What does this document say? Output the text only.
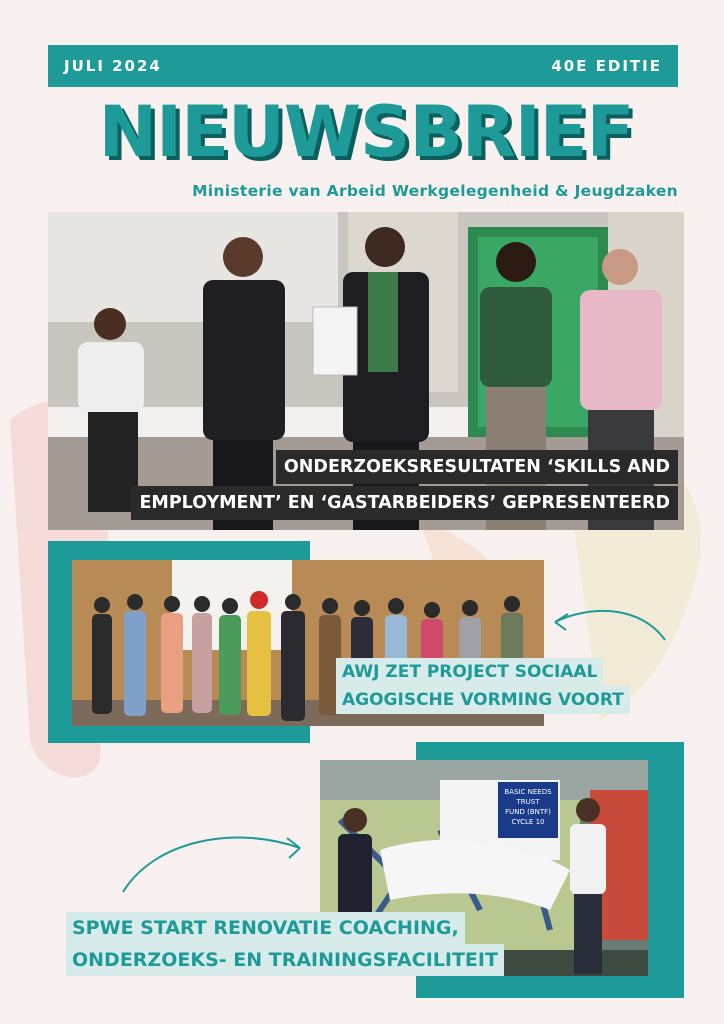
JULI 2024	40E EDITIE
NIEUWSBRIEF
Ministerie van Arbeid Werkgelegenheid & Jeugdzaken
ONDERZOEKSRESULTATEN ‘SKILLS AND
EMPLOYMENT’ EN ‘GASTARBEIDERS’ GEPRESENTEERD
AWJ ZET PROJECT SOCIAAL
AGOGISCHE VORMING VOORT
BASIC NEEDS
TRUST
FUND (BNTF)
CYCLE 10
SPWE START RENOVATIE COACHING,
ONDERZOEKS- EN TRAININGSFACILITEIT
